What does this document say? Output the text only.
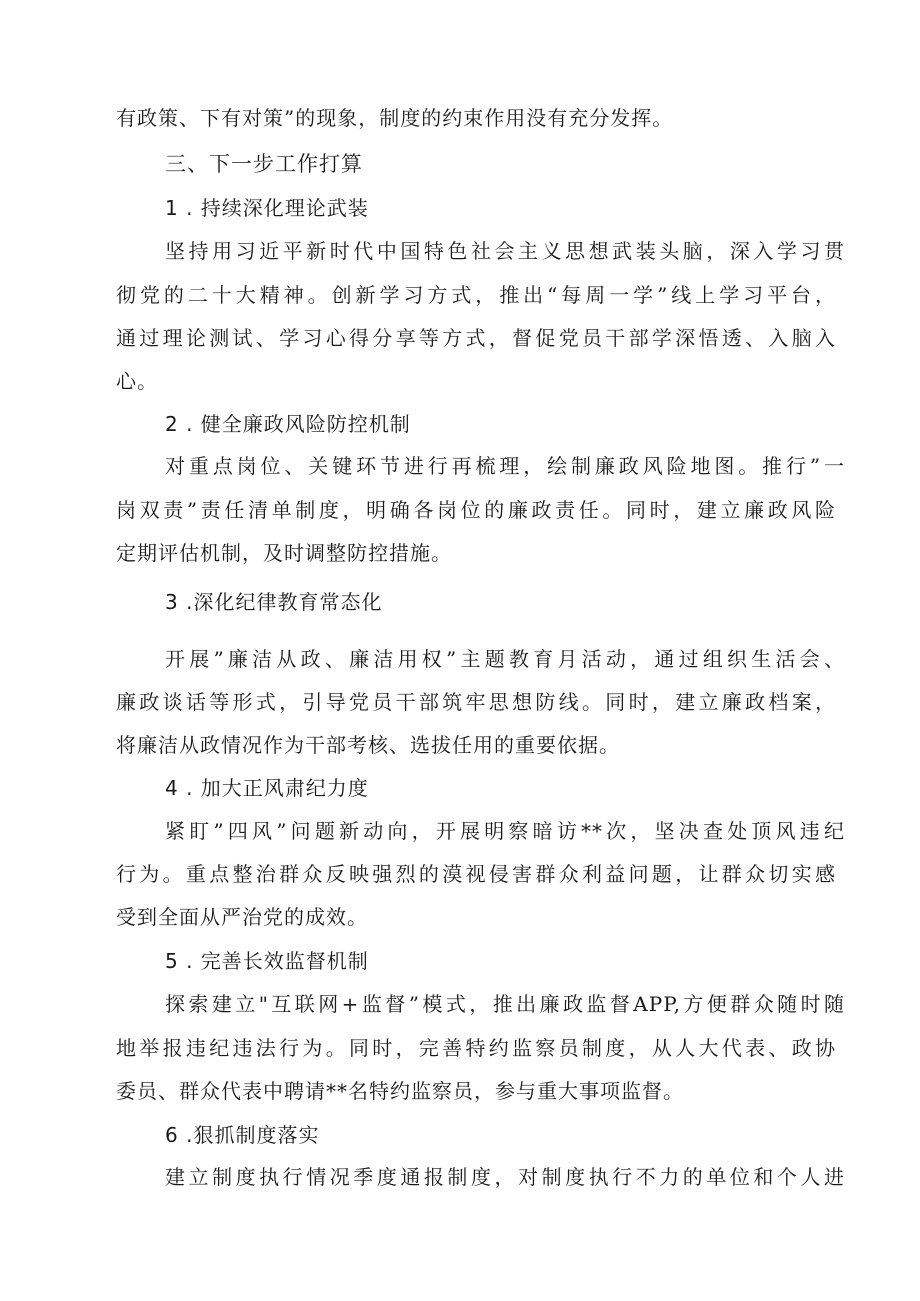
有政策、下有对策”的现象，制度的约束作用没有充分发挥。
三、下一步工作打算
1 . 持续深化理论武装
坚持用习近平新时代中国特色社会主义思想武装头脑，深入学习贯
彻党的二十大精神。创新学习方式，推出“每周一学”线上学习平台，
通过理论测试、学习心得分享等方式，督促党员干部学深悟透、入脑入
心。
2 . 健全廉政风险防控机制
对重点岗位、关键环节进行再梳理，绘制廉政风险地图。推行”一
岗双责”责任清单制度，明确各岗位的廉政责任。同时，建立廉政风险
定期评估机制，及时调整防控措施。
3 .深化纪律教育常态化
开展”廉洁从政、廉洁用权”主题教育月活动，通过组织生活会、
廉政谈话等形式，引导党员干部筑牢思想防线。同时，建立廉政档案，
将廉洁从政情况作为干部考核、选拔任用的重要依据。
4 . 加大正风肃纪力度
紧盯”四风”问题新动向，开展明察暗访**次，坚决查处顶风违纪
行为。重点整治群众反映强烈的漠视侵害群众利益问题，让群众切实感
受到全面从严治党的成效。
5 . 完善长效监督机制
探索建立"互联网+监督”模式，推出廉政监督APP,方便群众随时随
地举报违纪违法行为。同时，完善特约监察员制度，从人大代表、政协
委员、群众代表中聘请**名特约监察员，参与重大事项监督。
6 .狠抓制度落实
建立制度执行情况季度通报制度，对制度执行不力的单位和个人进
